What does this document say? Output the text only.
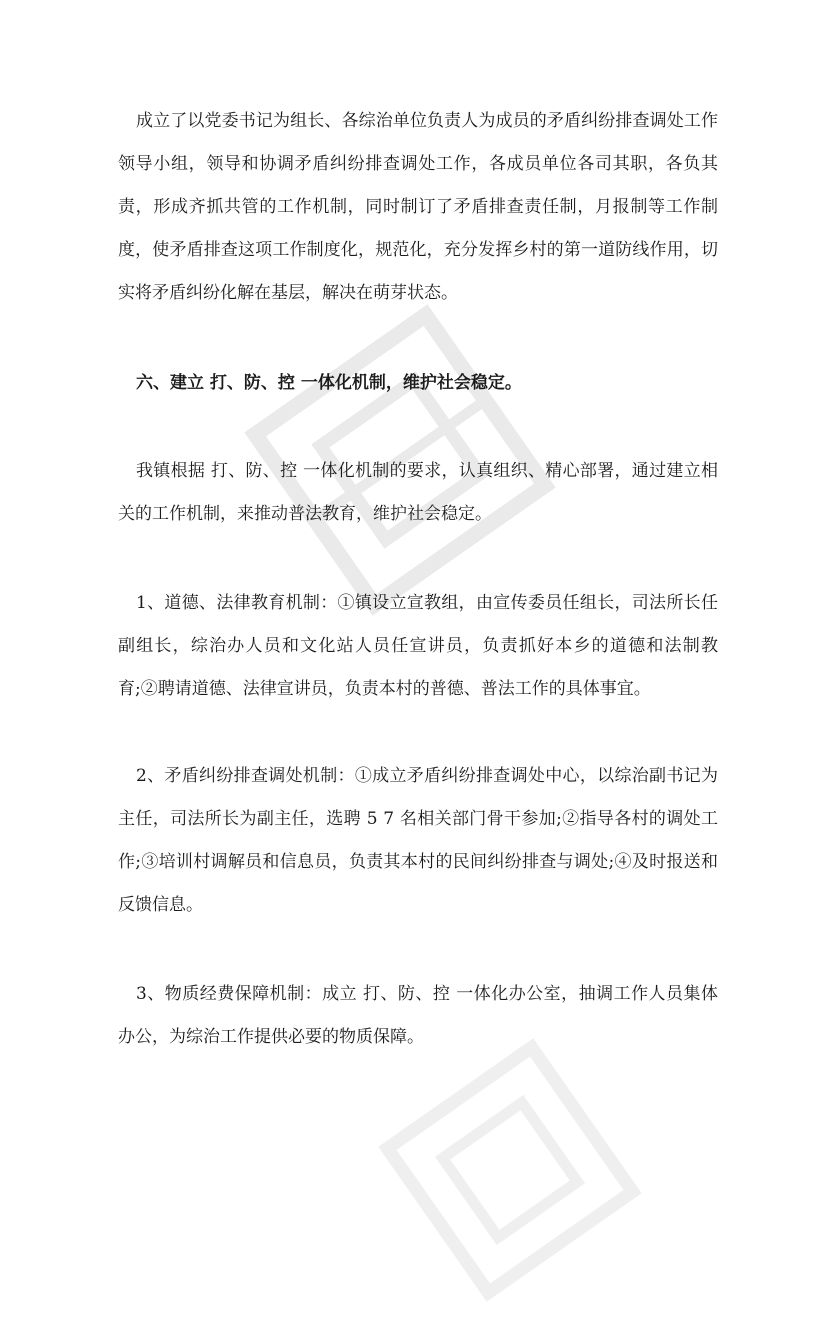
成立了以党委书记为组长、各综治单位负责人为成员的矛盾纠纷排查调处工作领导小组，领导和协调矛盾纠纷排查调处工作，各成员单位各司其职，各负其责，形成齐抓共管的工作机制，同时制订了矛盾排查责任制，月报制等工作制度，使矛盾排查这项工作制度化，规范化，充分发挥乡村的第一道防线作用，切实将矛盾纠纷化解在基层，解决在萌芽状态。

六、建立 打、防、控 一体化机制，维护社会稳定。

我镇根据 打、防、控 一体化机制的要求，认真组织、精心部署，通过建立相关的工作机制，来推动普法教育，维护社会稳定。

1、道德、法律教育机制：①镇设立宣教组，由宣传委员任组长，司法所长任副组长，综治办人员和文化站人员任宣讲员，负责抓好本乡的道德和法制教育;②聘请道德、法律宣讲员，负责本村的普德、普法工作的具体事宜。

2、矛盾纠纷排查调处机制：①成立矛盾纠纷排查调处中心，以综治副书记为主任，司法所长为副主任，选聘 5 7 名相关部门骨干参加;②指导各村的调处工作;③培训村调解员和信息员，负责其本村的民间纠纷排查与调处;④及时报送和反馈信息。

3、物质经费保障机制：成立 打、防、控 一体化办公室，抽调工作人员集体办公，为综治工作提供必要的物质保障。
